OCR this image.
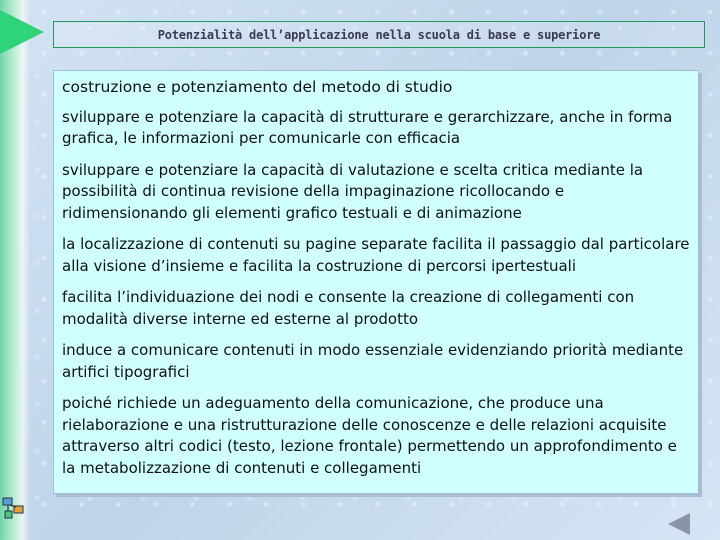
Potenzialità dell’applicazione nella scuola di base e superiore

costruzione e potenziamento del metodo di studio

sviluppare e potenziare la capacità di strutturare e gerarchizzare, anche in forma grafica, le informazioni per comunicarle con efficacia

sviluppare e potenziare la capacità di valutazione e scelta critica mediante la possibilità di continua revisione della impaginazione ricollocando e ridimensionando gli elementi grafico testuali e di animazione

la localizzazione di contenuti su pagine separate facilita il passaggio dal particolare alla visione d’insieme e facilita la costruzione di percorsi ipertestuali

facilita l’individuazione dei nodi e consente la creazione di collegamenti con modalità diverse interne ed esterne al prodotto

induce a comunicare contenuti in modo essenziale evidenziando priorità mediante artifici tipografici

poiché richiede un adeguamento della comunicazione, che produce una rielaborazione e una ristrutturazione delle conoscenze e delle relazioni acquisite attraverso altri codici (testo, lezione frontale) permettendo un approfondimento e la metabolizzazione di contenuti e collegamenti
